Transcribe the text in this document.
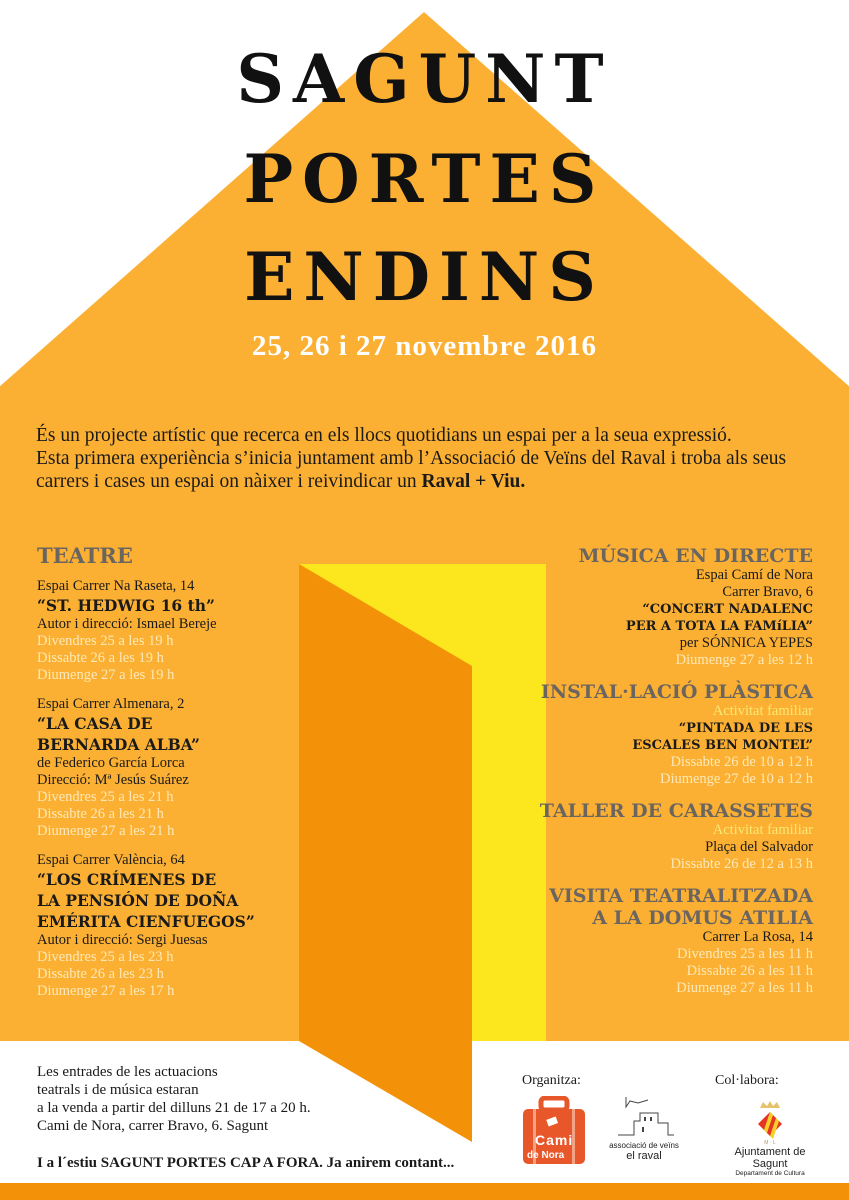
SAGUNT
PORTES
ENDINS
25, 26 i 27 novembre 2016
És un projecte artístic que recerca en els llocs quotidians un espai per a la seua expressió.
Esta primera experiència s’inicia juntament amb l’Associació de Veïns del Raval i troba als seus
carrers i cases un espai on nàixer i reivindicar un Raval + Viu.
TEATRE
Espai Carrer Na Raseta, 14
“ST. HEDWIG 16 th”
Autor i direcció: Ismael Bereje
Divendres 25 a les 19 h
Dissabte 26 a les 19 h
Diumenge 27 a les 19 h
Espai Carrer Almenara, 2
“LA CASA DE
BERNARDA ALBA”
de Federico García Lorca
Direcció: Mª Jesús Suárez
Divendres 25 a les 21 h
Dissabte 26 a les 21 h
Diumenge 27 a les 21 h
Espai Carrer València, 64
“LOS CRÍMENES DE
LA PENSIÓN DE DOÑA
EMÉRITA CIENFUEGOS”
Autor i direcció: Sergi Juesas
Divendres 25 a les 23 h
Dissabte 26 a les 23 h
Diumenge 27 a les 17 h
MÚSICA EN DIRECTE
Espai Camí de Nora
Carrer Bravo, 6
“CONCERT NADALENC
PER A TOTA LA FAMíLIA”
per SÓNNICA YEPES
Diumenge 27 a les 12 h
INSTAL·LACIÓ PLÀSTICA
Activitat familiar
“PINTADA DE LES
ESCALES BEN MONTEL”
Dissabte 26 de 10 a 12 h
Diumenge 27 de 10 a 12 h
TALLER DE CARASSETES
Activitat familiar
Plaça del Salvador
Dissabte 26 de 12 a 13 h
VISITA TEATRALITZADA
A LA DOMUS ATILIA
Carrer La Rosa, 14
Divendres 25 a les 11 h
Dissabte 26 a les 11 h
Diumenge 27 a les 11 h
Les entrades de les actuacions
teatrals i de música estaran
a la venda a partir del dilluns 21 de 17 a 20 h.
Cami de Nora, carrer Bravo, 6. Sagunt
I a l´estiu SAGUNT PORTES CAP A FORA. Ja anirem contant...
Organitza:	Col·labora:
Cami
de Nora
associació de veïns
el raval
M · L
Ajuntament de Sagunt
Departament de Cultura
